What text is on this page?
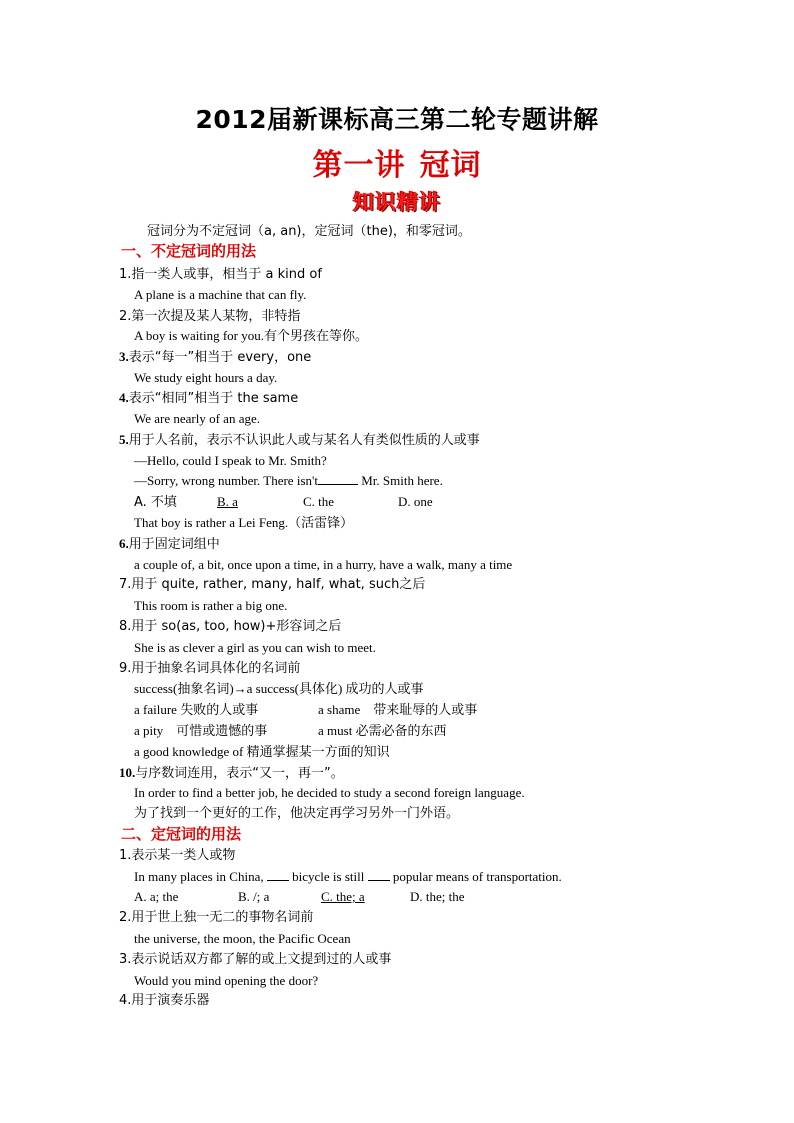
2012届新课标高三第二轮专题讲解
第一讲 冠词
知识精讲
冠词分为不定冠词（a, an)，定冠词（the)，和零冠词。
一、不定冠词的用法
1.指一类人或事，相当于 a kind of
A plane is a machine that can fly.
2.第一次提及某人某物，非特指
A boy is waiting for you.有个男孩在等你。
3.表示“每一”相当于 every，one
We study eight hours a day.
4.表示“相同”相当于 the same
We are nearly of an age.
5.用于人名前，表示不认识此人或与某名人有类似性质的人或事
—Hello, could I speak to Mr. Smith?
—Sorry, wrong number. There isn't	Mr. Smith here.
A. 不填	B. a	C. the	D. one
That boy is rather a Lei Feng.（活雷锋）
6.用于固定词组中
a couple of, a bit, once upon a time, in a hurry, have a walk, many a time
7.用于 quite, rather, many, half, what, such之后
This room is rather a big one.
8.用于 so(as, too, how)+形容词之后
She is as clever a girl as you can wish to meet.
9.用于抽象名词具体化的名词前
success(抽象名词)→a success(具体化) 成功的人或事
a failure 失败的人或事	a shame　带来耻辱的人或事
a pity　可惜或遗憾的事	a must 必需必备的东西
a good knowledge of 精通掌握某一方面的知识
10.与序数词连用，表示“又一，再一”。
In order to find a better job, he decided to study a second foreign language.
为了找到一个更好的工作，他决定再学习另外一门外语。
二、定冠词的用法
1.表示某一类人或物
In many places in China, bicycle is still popular means of transportation.
A. a; the	B. /; a	C. the; a	D. the; the
2.用于世上独一无二的事物名词前
the universe, the moon, the Pacific Ocean
3.表示说话双方都了解的或上文提到过的人或事
Would you mind opening the door?
4.用于演奏乐器
